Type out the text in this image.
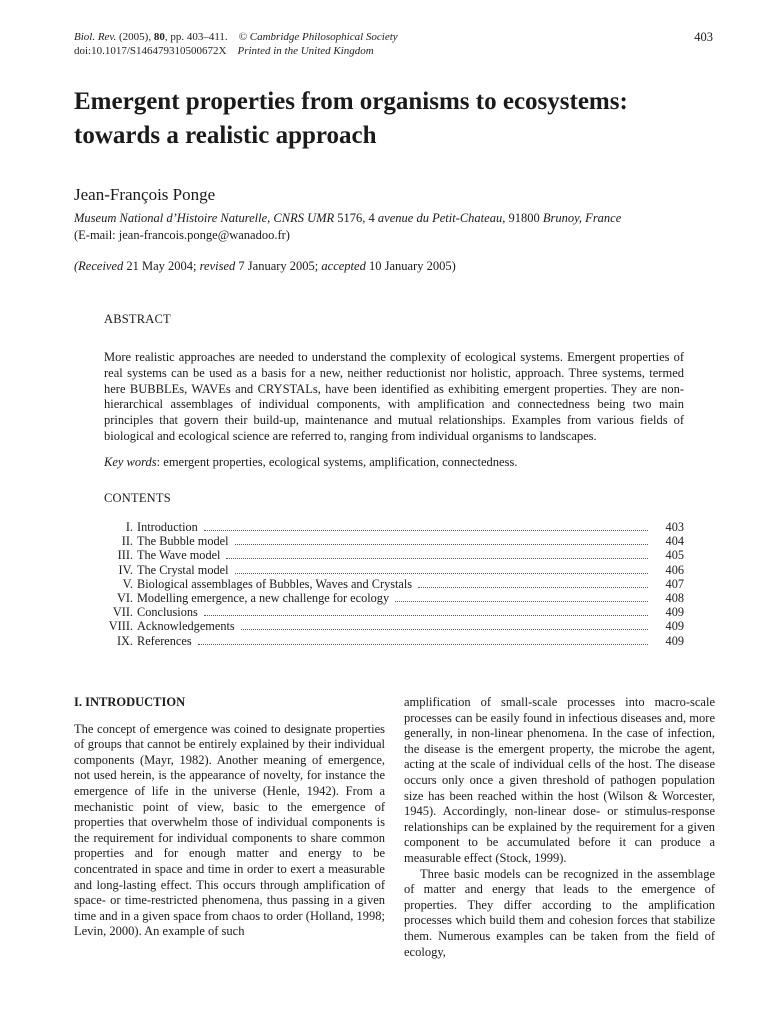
Biol. Rev. (2005), 80, pp. 403–411. © Cambridge Philosophical Society
doi:10.1017/S146479310500672X Printed in the United Kingdom
403
Emergent properties from organisms to ecosystems: towards a realistic approach
Jean-François Ponge
Museum National d’Histoire Naturelle, CNRS UMR 5176, 4 avenue du Petit-Chateau, 91800 Brunoy, France
(E-mail: jean-francois.ponge@wanadoo.fr)
(Received 21 May 2004; revised 7 January 2005; accepted 10 January 2005)
ABSTRACT
More realistic approaches are needed to understand the complexity of ecological systems. Emergent properties of real systems can be used as a basis for a new, neither reductionist nor holistic, approach. Three systems, termed here BUBBLEs, WAVEs and CRYSTALs, have been identified as exhibiting emergent properties. They are non-hierarchical assemblages of individual components, with amplification and connectedness being two main principles that govern their build-up, maintenance and mutual relationships. Examples from various fields of biological and ecological science are referred to, ranging from individual organisms to landscapes.
Key words: emergent properties, ecological systems, amplification, connectedness.
CONTENTS
I. Introduction	403
II. The Bubble model	404
III. The Wave model	405
IV. The Crystal model	406
V. Biological assemblages of Bubbles, Waves and Crystals	407
VI. Modelling emergence, a new challenge for ecology	408
VII. Conclusions	409
VIII. Acknowledgements	409
IX. References	409

I. INTRODUCTION

The concept of emergence was coined to designate properties of groups that cannot be entirely explained by their individual components (Mayr, 1982). Another meaning of emergence, not used herein, is the appearance of novelty, for instance the emergence of life in the universe (Henle, 1942). From a mechanistic point of view, basic to the emergence of properties that overwhelm those of individual components is the requirement for individual components to share common properties and for enough matter and energy to be concentrated in space and time in order to exert a measurable and long-lasting effect. This occurs through amplification of space- or time-restricted phenomena, thus passing in a given time and in a given space from chaos to order (Holland, 1998; Levin, 2000). An example of such

amplification of small-scale processes into macro-scale processes can be easily found in infectious diseases and, more generally, in non-linear phenomena. In the case of infection, the disease is the emergent property, the microbe the agent, acting at the scale of individual cells of the host. The disease occurs only once a given threshold of pathogen population size has been reached within the host (Wilson & Worcester, 1945). Accordingly, non-linear dose- or stimulus-response relationships can be explained by the requirement for a given component to be accumulated before it can produce a measurable effect (Stock, 1999).

Three basic models can be recognized in the assemblage of matter and energy that leads to the emergence of properties. They differ according to the amplification processes which build them and cohesion forces that stabilize them. Numerous examples can be taken from the field of ecology,
